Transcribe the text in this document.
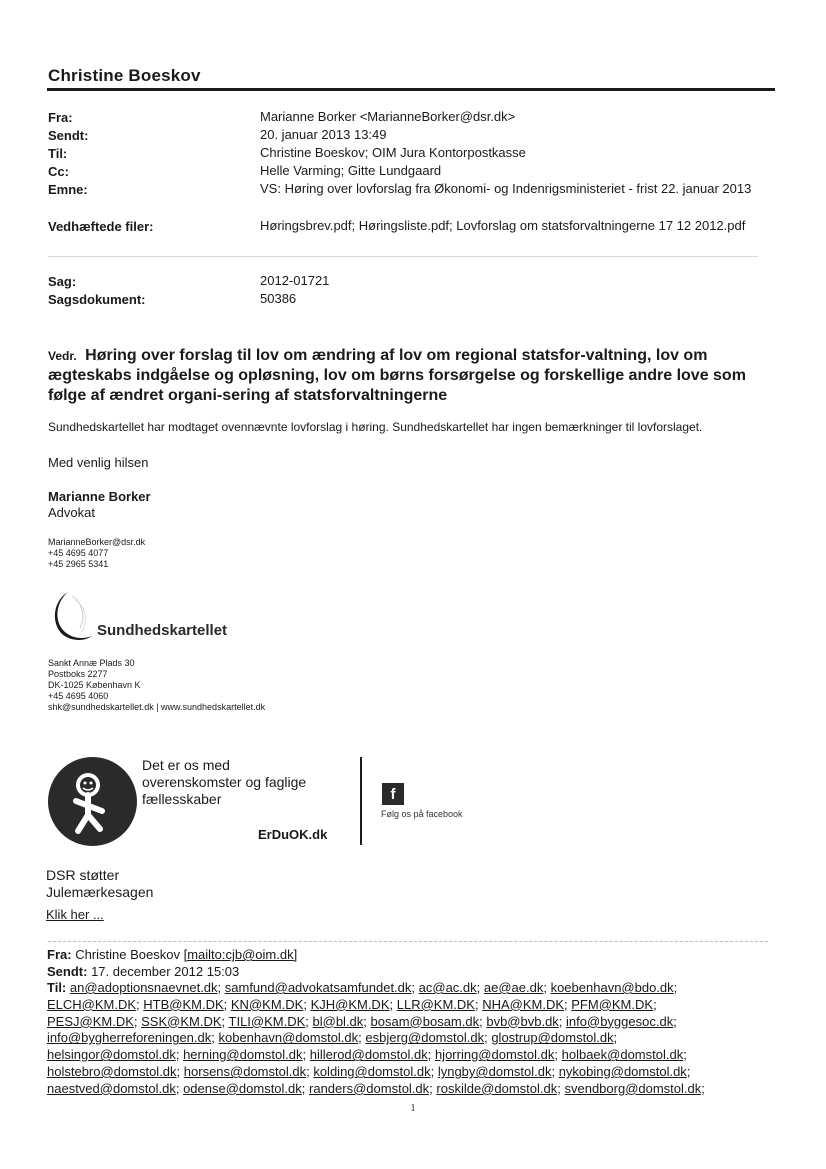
Christine Boeskov
Fra:	Marianne Borker <MarianneBorker@dsr.dk>
Sendt:	20. januar 2013 13:49
Til:	Christine Boeskov; OIM Jura Kontorpostkasse
Cc:	Helle Varming; Gitte Lundgaard
Emne:	VS: Høring over lovforslag fra Økonomi- og Indenrigsministeriet - frist 22. januar 2013
Vedhæftede filer:	Høringsbrev.pdf; Høringsliste.pdf; Lovforslag om statsforvaltningerne 17 12 2012.pdf
Sag:	2012-01721
Sagsdokument:	50386
Vedr. Høring over forslag til lov om ændring af lov om regional statsfor-valtning, lov om ægteskabs indgåelse og opløsning, lov om børns forsørgelse og forskellige andre love som følge af ændret organi-sering af statsforvaltningerne
Sundhedskartellet har modtaget ovennævnte lovforslag i høring. Sundhedskartellet har ingen bemærkninger til lovforslaget.
Med venlig hilsen
Marianne Borker
Advokat
MarianneBorker@dsr.dk
+45 4695 4077
+45 2965 5341
Sundhedskartellet
Sankt Annæ Plads 30
Postboks 2277
DK-1025 København K
+45 4695 4060
shk@sundhedskartellet.dk | www.sundhedskartellet.dk
Det er os med
overenskomster og faglige
fællesskaber
ErDuOK.dk
f
Følg os på facebook
DSR støtter
Julemærkesagen
Klik her ...
Fra: Christine Boeskov [mailto:cjb@oim.dk]
Sendt: 17. december 2012 15:03
Til: an@adoptionsnaevnet.dk; samfund@advokatsamfundet.dk; ac@ac.dk; ae@ae.dk; koebenhavn@bdo.dk; ELCH@KM.DK; HTB@KM.DK; KN@KM.DK; KJH@KM.DK; LLR@KM.DK; NHA@KM.DK; PFM@KM.DK; PESJ@KM.DK; SSK@KM.DK; TILI@KM.DK; bl@bl.dk; bosam@bosam.dk; bvb@bvb.dk; info@byggesoc.dk; info@bygherreforeningen.dk; kobenhavn@domstol.dk; esbjerg@domstol.dk; glostrup@domstol.dk; helsingor@domstol.dk; herning@domstol.dk; hillerod@domstol.dk; hjorring@domstol.dk; holbaek@domstol.dk; holstebro@domstol.dk; horsens@domstol.dk; kolding@domstol.dk; lyngby@domstol.dk; nykobing@domstol.dk; naestved@domstol.dk; odense@domstol.dk; randers@domstol.dk; roskilde@domstol.dk; svendborg@domstol.dk;
1
